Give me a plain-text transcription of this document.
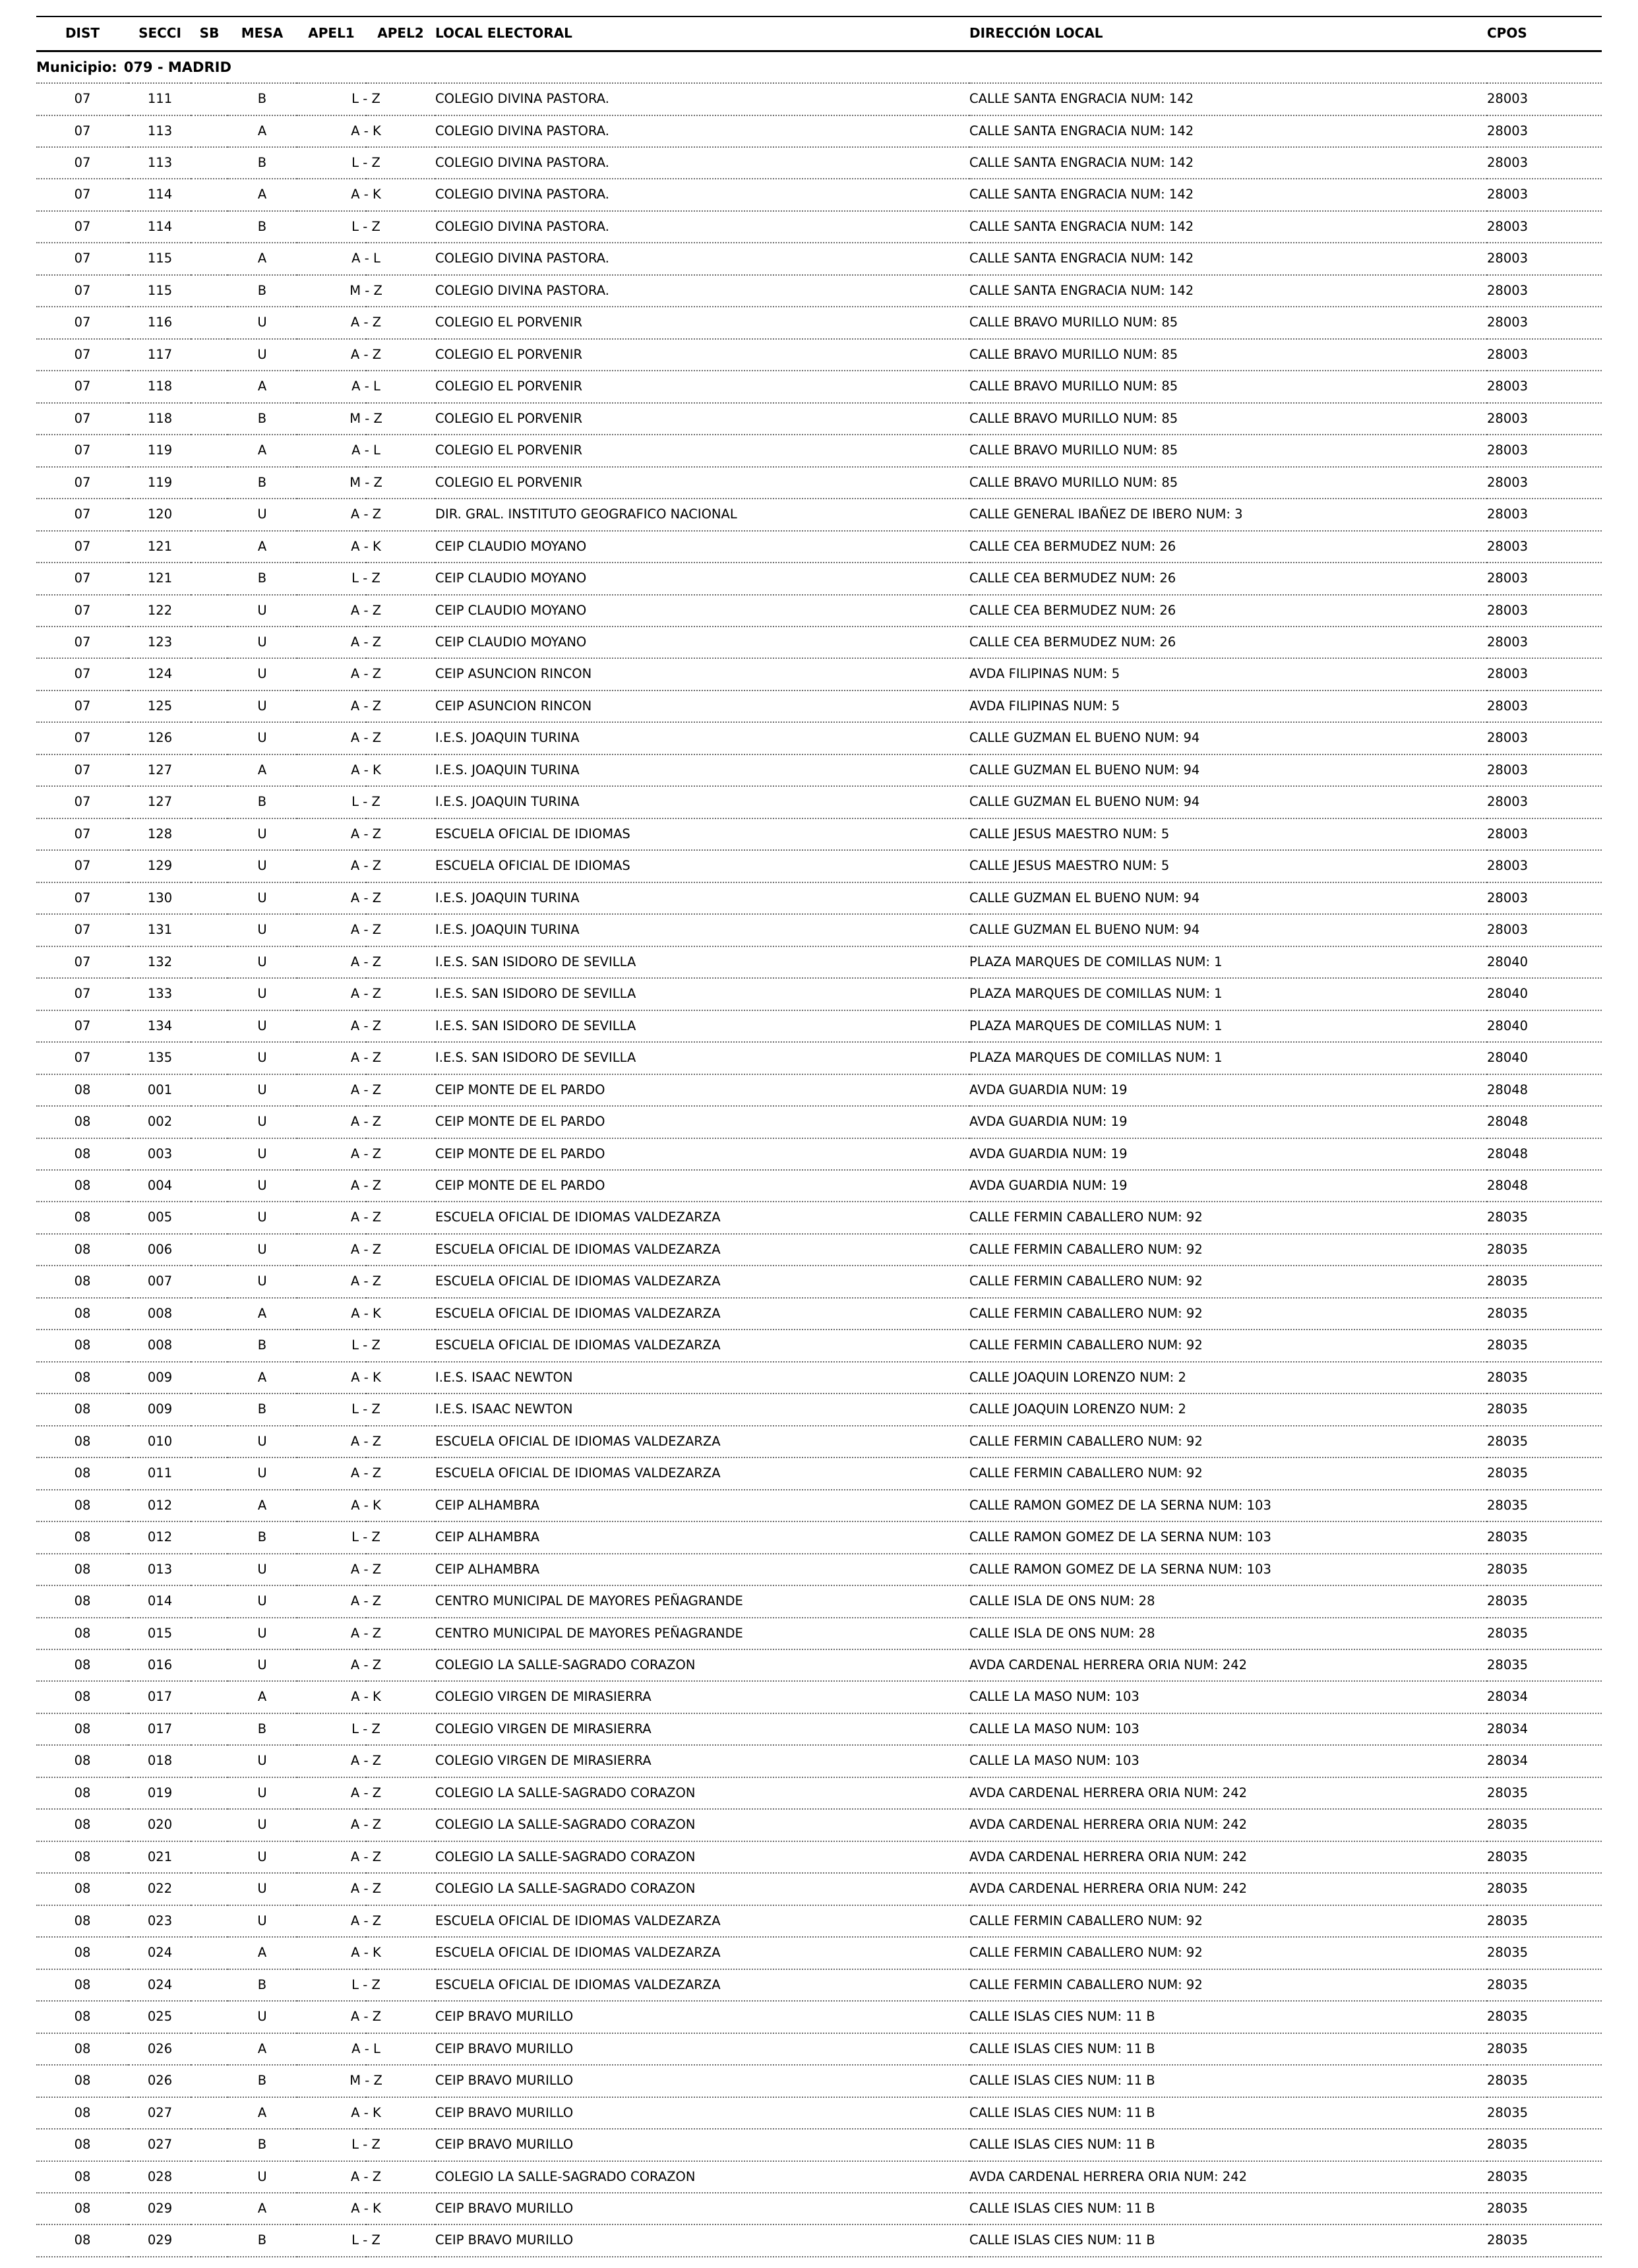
DIST	SECCI	SB	MESA	APEL1	APEL2	LOCAL ELECTORAL	DIRECCIÓN LOCAL	CPOS
Municipio: 079 - MADRID								
07	111		B	L - Z		COLEGIO DIVINA PASTORA.	CALLE SANTA ENGRACIA NUM: 142	28003
07	113		A	A - K		COLEGIO DIVINA PASTORA.	CALLE SANTA ENGRACIA NUM: 142	28003
07	113		B	L - Z		COLEGIO DIVINA PASTORA.	CALLE SANTA ENGRACIA NUM: 142	28003
07	114		A	A - K		COLEGIO DIVINA PASTORA.	CALLE SANTA ENGRACIA NUM: 142	28003
07	114		B	L - Z		COLEGIO DIVINA PASTORA.	CALLE SANTA ENGRACIA NUM: 142	28003
07	115		A	A - L		COLEGIO DIVINA PASTORA.	CALLE SANTA ENGRACIA NUM: 142	28003
07	115		B	M - Z		COLEGIO DIVINA PASTORA.	CALLE SANTA ENGRACIA NUM: 142	28003
07	116		U	A - Z		COLEGIO EL PORVENIR	CALLE BRAVO MURILLO NUM: 85	28003
07	117		U	A - Z		COLEGIO EL PORVENIR	CALLE BRAVO MURILLO NUM: 85	28003
07	118		A	A - L		COLEGIO EL PORVENIR	CALLE BRAVO MURILLO NUM: 85	28003
07	118		B	M - Z		COLEGIO EL PORVENIR	CALLE BRAVO MURILLO NUM: 85	28003
07	119		A	A - L		COLEGIO EL PORVENIR	CALLE BRAVO MURILLO NUM: 85	28003
07	119		B	M - Z		COLEGIO EL PORVENIR	CALLE BRAVO MURILLO NUM: 85	28003
07	120		U	A - Z		DIR. GRAL. INSTITUTO GEOGRAFICO NACIONAL	CALLE GENERAL IBAÑEZ DE IBERO NUM: 3	28003
07	121		A	A - K		CEIP CLAUDIO MOYANO	CALLE CEA BERMUDEZ NUM: 26	28003
07	121		B	L - Z		CEIP CLAUDIO MOYANO	CALLE CEA BERMUDEZ NUM: 26	28003
07	122		U	A - Z		CEIP CLAUDIO MOYANO	CALLE CEA BERMUDEZ NUM: 26	28003
07	123		U	A - Z		CEIP CLAUDIO MOYANO	CALLE CEA BERMUDEZ NUM: 26	28003
07	124		U	A - Z		CEIP ASUNCION RINCON	AVDA FILIPINAS NUM: 5	28003
07	125		U	A - Z		CEIP ASUNCION RINCON	AVDA FILIPINAS NUM: 5	28003
07	126		U	A - Z		I.E.S. JOAQUIN TURINA	CALLE GUZMAN EL BUENO NUM: 94	28003
07	127		A	A - K		I.E.S. JOAQUIN TURINA	CALLE GUZMAN EL BUENO NUM: 94	28003
07	127		B	L - Z		I.E.S. JOAQUIN TURINA	CALLE GUZMAN EL BUENO NUM: 94	28003
07	128		U	A - Z		ESCUELA OFICIAL DE IDIOMAS	CALLE JESUS MAESTRO NUM: 5	28003
07	129		U	A - Z		ESCUELA OFICIAL DE IDIOMAS	CALLE JESUS MAESTRO NUM: 5	28003
07	130		U	A - Z		I.E.S. JOAQUIN TURINA	CALLE GUZMAN EL BUENO NUM: 94	28003
07	131		U	A - Z		I.E.S. JOAQUIN TURINA	CALLE GUZMAN EL BUENO NUM: 94	28003
07	132		U	A - Z		I.E.S. SAN ISIDORO DE SEVILLA	PLAZA MARQUES DE COMILLAS NUM: 1	28040
07	133		U	A - Z		I.E.S. SAN ISIDORO DE SEVILLA	PLAZA MARQUES DE COMILLAS NUM: 1	28040
07	134		U	A - Z		I.E.S. SAN ISIDORO DE SEVILLA	PLAZA MARQUES DE COMILLAS NUM: 1	28040
07	135		U	A - Z		I.E.S. SAN ISIDORO DE SEVILLA	PLAZA MARQUES DE COMILLAS NUM: 1	28040
08	001		U	A - Z		CEIP MONTE DE EL PARDO	AVDA GUARDIA NUM: 19	28048
08	002		U	A - Z		CEIP MONTE DE EL PARDO	AVDA GUARDIA NUM: 19	28048
08	003		U	A - Z		CEIP MONTE DE EL PARDO	AVDA GUARDIA NUM: 19	28048
08	004		U	A - Z		CEIP MONTE DE EL PARDO	AVDA GUARDIA NUM: 19	28048
08	005		U	A - Z		ESCUELA OFICIAL DE IDIOMAS VALDEZARZA	CALLE FERMIN CABALLERO NUM: 92	28035
08	006		U	A - Z		ESCUELA OFICIAL DE IDIOMAS VALDEZARZA	CALLE FERMIN CABALLERO NUM: 92	28035
08	007		U	A - Z		ESCUELA OFICIAL DE IDIOMAS VALDEZARZA	CALLE FERMIN CABALLERO NUM: 92	28035
08	008		A	A - K		ESCUELA OFICIAL DE IDIOMAS VALDEZARZA	CALLE FERMIN CABALLERO NUM: 92	28035
08	008		B	L - Z		ESCUELA OFICIAL DE IDIOMAS VALDEZARZA	CALLE FERMIN CABALLERO NUM: 92	28035
08	009		A	A - K		I.E.S. ISAAC NEWTON	CALLE JOAQUIN LORENZO NUM: 2	28035
08	009		B	L - Z		I.E.S. ISAAC NEWTON	CALLE JOAQUIN LORENZO NUM: 2	28035
08	010		U	A - Z		ESCUELA OFICIAL DE IDIOMAS VALDEZARZA	CALLE FERMIN CABALLERO NUM: 92	28035
08	011		U	A - Z		ESCUELA OFICIAL DE IDIOMAS VALDEZARZA	CALLE FERMIN CABALLERO NUM: 92	28035
08	012		A	A - K		CEIP ALHAMBRA	CALLE RAMON GOMEZ DE LA SERNA NUM: 103	28035
08	012		B	L - Z		CEIP ALHAMBRA	CALLE RAMON GOMEZ DE LA SERNA NUM: 103	28035
08	013		U	A - Z		CEIP ALHAMBRA	CALLE RAMON GOMEZ DE LA SERNA NUM: 103	28035
08	014		U	A - Z		CENTRO MUNICIPAL DE MAYORES PEÑAGRANDE	CALLE ISLA DE ONS NUM: 28	28035
08	015		U	A - Z		CENTRO MUNICIPAL DE MAYORES PEÑAGRANDE	CALLE ISLA DE ONS NUM: 28	28035
08	016		U	A - Z		COLEGIO LA SALLE-SAGRADO CORAZON	AVDA CARDENAL HERRERA ORIA NUM: 242	28035
08	017		A	A - K		COLEGIO VIRGEN DE MIRASIERRA	CALLE LA MASO NUM: 103	28034
08	017		B	L - Z		COLEGIO VIRGEN DE MIRASIERRA	CALLE LA MASO NUM: 103	28034
08	018		U	A - Z		COLEGIO VIRGEN DE MIRASIERRA	CALLE LA MASO NUM: 103	28034
08	019		U	A - Z		COLEGIO LA SALLE-SAGRADO CORAZON	AVDA CARDENAL HERRERA ORIA NUM: 242	28035
08	020		U	A - Z		COLEGIO LA SALLE-SAGRADO CORAZON	AVDA CARDENAL HERRERA ORIA NUM: 242	28035
08	021		U	A - Z		COLEGIO LA SALLE-SAGRADO CORAZON	AVDA CARDENAL HERRERA ORIA NUM: 242	28035
08	022		U	A - Z		COLEGIO LA SALLE-SAGRADO CORAZON	AVDA CARDENAL HERRERA ORIA NUM: 242	28035
08	023		U	A - Z		ESCUELA OFICIAL DE IDIOMAS VALDEZARZA	CALLE FERMIN CABALLERO NUM: 92	28035
08	024		A	A - K		ESCUELA OFICIAL DE IDIOMAS VALDEZARZA	CALLE FERMIN CABALLERO NUM: 92	28035
08	024		B	L - Z		ESCUELA OFICIAL DE IDIOMAS VALDEZARZA	CALLE FERMIN CABALLERO NUM: 92	28035
08	025		U	A - Z		CEIP BRAVO MURILLO	CALLE ISLAS CIES NUM: 11 B	28035
08	026		A	A - L		CEIP BRAVO MURILLO	CALLE ISLAS CIES NUM: 11 B	28035
08	026		B	M - Z		CEIP BRAVO MURILLO	CALLE ISLAS CIES NUM: 11 B	28035
08	027		A	A - K		CEIP BRAVO MURILLO	CALLE ISLAS CIES NUM: 11 B	28035
08	027		B	L - Z		CEIP BRAVO MURILLO	CALLE ISLAS CIES NUM: 11 B	28035
08	028		U	A - Z		COLEGIO LA SALLE-SAGRADO CORAZON	AVDA CARDENAL HERRERA ORIA NUM: 242	28035
08	029		A	A - K		CEIP BRAVO MURILLO	CALLE ISLAS CIES NUM: 11 B	28035
08	029		B	L - Z		CEIP BRAVO MURILLO	CALLE ISLAS CIES NUM: 11 B	28035
